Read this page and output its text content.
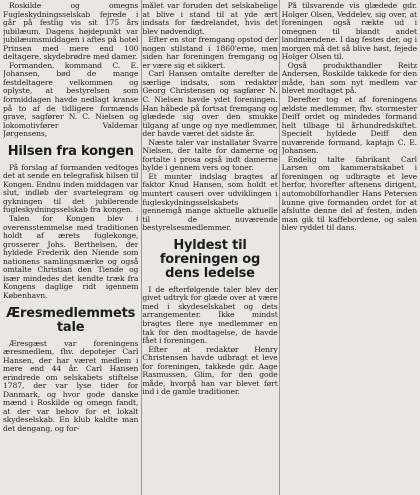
Roskilde og omegns Fugleskydningsselskab fejrede i går på festlig vis sit 175 års jubilæum. Dagens højdepunkt var jubilæumsmiddagen i aftes på hotel Prinsen med mere end 100 deltagere, skydebrødre med damer.

Formanden, kommand C. E. Johansen, bød de mange festdeltagere velkommen og oplyste, at bestyrelsen som formiddagen havde nedlagt kranse på to af de tidligere formænds grave, sagfører N. C. Nielsen og lokomotivfører Valdemar Jørgensens,

Hilsen fra kongen

På forslag af formanden vedtoges det at sende en telegrafisk hilsen til Kongen. Endnu inden middagen var slut, indløb der svartelegram og gykningen til det jubilerende fugleskydningsselskab fra kongen.

Talen for Kongen blev i overensstemmelse med traditionen holdt af ærets fuglekonge, grosserer Johs. Berthelsen, der hyldede Frederik den Niende som nationens samlingsmærke og også omtalte Christian den Tiende og især mindedes det kendte træk fra Kongens daglige ridt igennem København.

Æresmedlemmets tale

Æresgæst var foreningens æresmedlem, fhv. depotejer Carl Hansen, der har været medlem i mere end 44 år. Carl Hansen erindrede om selskabets stiftelse 1787, der var lyse tider for Danmark, og hvor gode danske mænd i Roskilde og omegn fandt, at der var behov for et lokalt skydeselskab. En klub kaldte man det dengang, og for-

målet var foruden det selskabelige at blive i stand til at yde ært indsats for fædrelandet, hvis det blev nødvendigt.

Efter en stor fremgang opstod der nogen stilstand i 1860'erne, men siden har foreningen fremgang og er være sig et sikkert.

Carl Hansen omtalte derefter de særlige indsats, som redaktør Georg Christensen og sagfører N. C. Nielsen havde ydet foreningen. Han håbede på fortsat fremgang og glædede sig over den smukke tilgang af unge og nye medlemmer, der havde været det sidste år.

Næste taler var installatør Svarre Nielsen, der talte for damerne og fortalte i prosa også indt damerne hylde i gennem vers og toner.

Et munter indslag bragtes af faktor Knud Hansen, som holdt et muntert causeri over udviklingen i fugleskydningsselskabets gennemgå mange aktuelle aktuelle til de nuværende bestyrelsesmedlemmer.

Hyldest til foreningen og dens ledelse

I de efterfølgende taler blev der givet udtryk for glæde over at være med i skydeselskabet og dets arrangementer. Ikke mindst bragtes flere nye medlemmer en tak for den modtagelse, de havde fået i foreningen.

Efter at redaktør Henry Christensen havde udbragt et leve for foreningen, takkede gdr. Aage Rasmussen, Glim, for den gode måde, hvorpå han var blevet ført ind i de gamle traditioner.

På tilsvarende vis glædede gdr. Holger Olsen, Veddelev, sig over, at foreningen også rækte ud i omegnen til blandt andet landmændene. I dag festes der, og i morgen må det så blive høst, fejede Holger Olsen til.

Også produkthandler Reitz Andersen, Roskilde takkede for den måde, han som nyt medlem var blevet modtaget på.

Derefter tog et af foreningens ældste medlemmer, fhv. stormester Deiff ordet og mindedes formand helt tilbage til århundredskiftet. Specielt hyldede Deiff den nuværende formand, kaptajn C. E. Johansen.

Endelig talte fabrikant Carl Larsen om kammeratskabet i foreningen og udbragte et leve herfor, hvorefter aftenens dirigent, automobilforhandler Hans Petersen kunne give formanden ordet for at afslutte denne del af festen, inden man gik til kaffebordene, og salen blev ryddet til dans.
